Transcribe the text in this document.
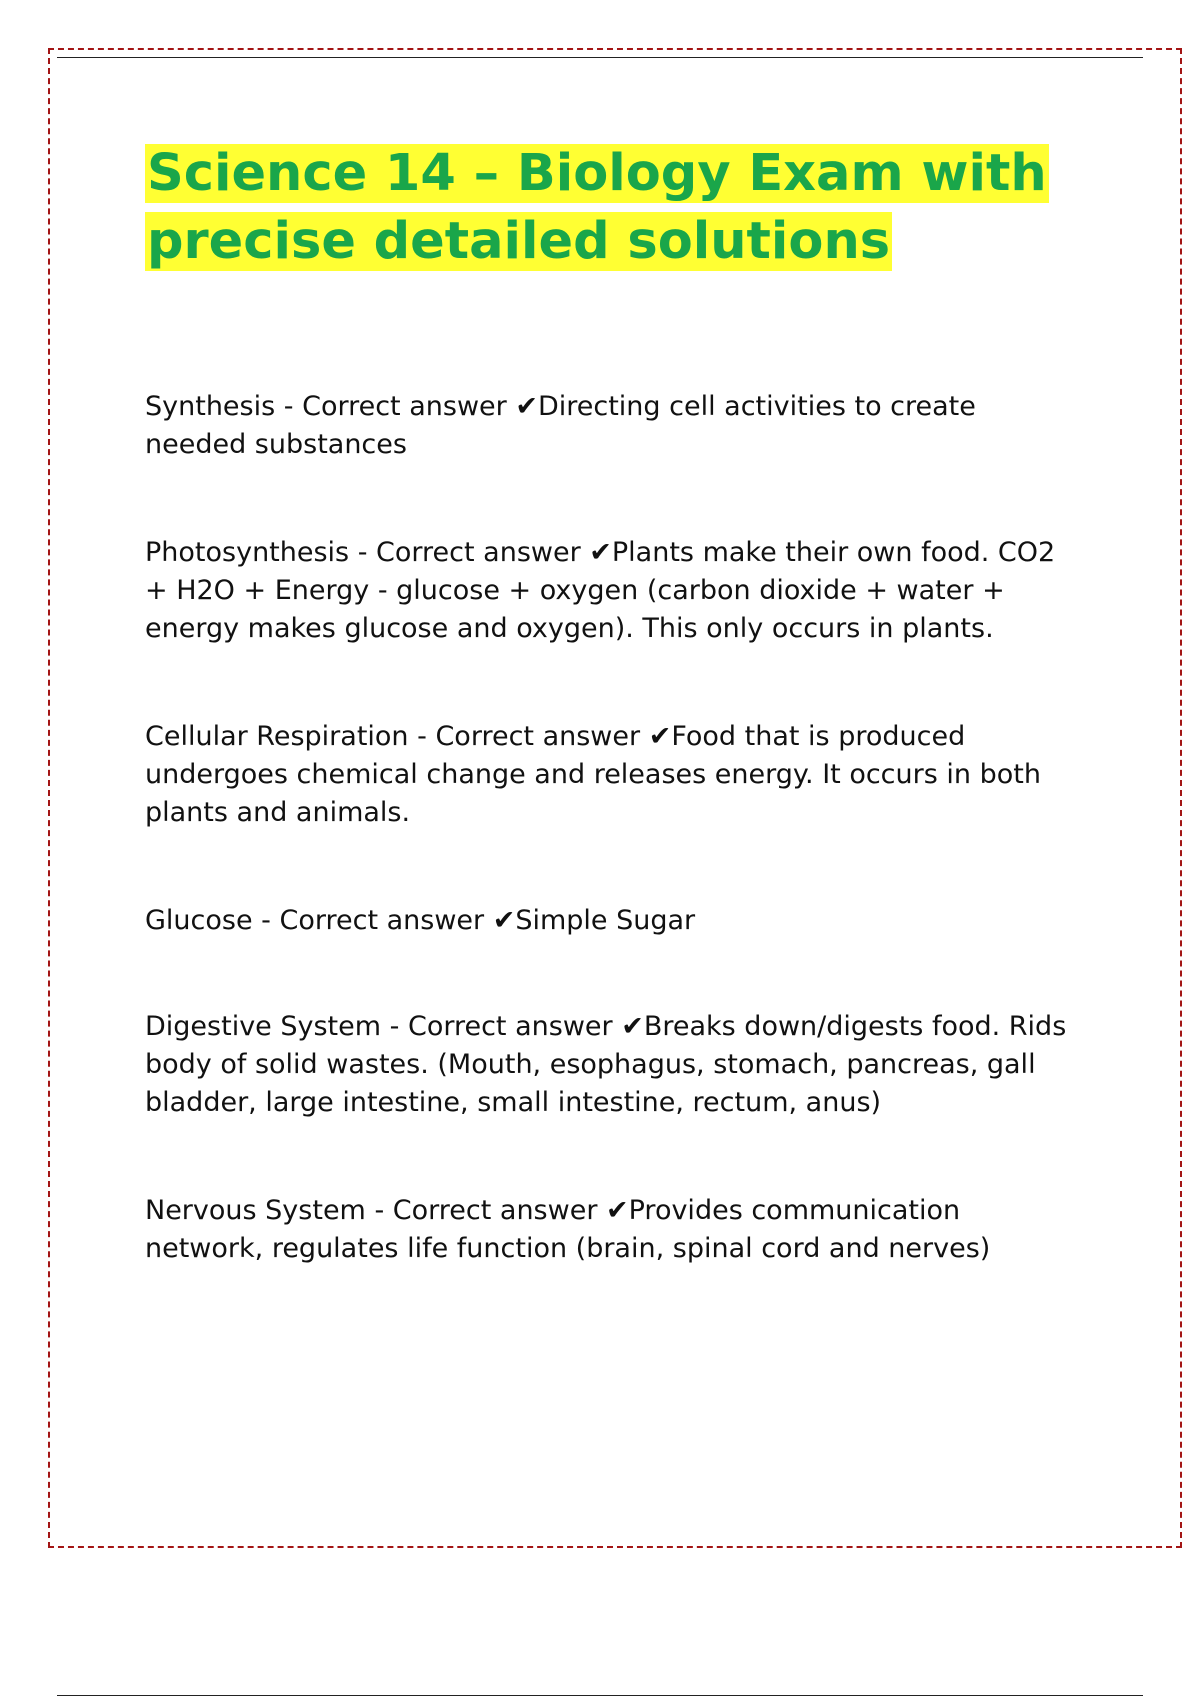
Science 14 – Biology Exam with precise detailed solutions

Synthesis - Correct answer ✔Directing cell activities to create needed substances

Photosynthesis - Correct answer ✔Plants make their own food. CO2 + H2O + Energy - glucose + oxygen (carbon dioxide + water + energy makes glucose and oxygen). This only occurs in plants.

Cellular Respiration - Correct answer ✔Food that is produced undergoes chemical change and releases energy. It occurs in both plants and animals.

Glucose - Correct answer ✔Simple Sugar

Digestive System - Correct answer ✔Breaks down/digests food. Rids body of solid wastes. (Mouth, esophagus, stomach, pancreas, gall bladder, large intestine, small intestine, rectum, anus)

Nervous System - Correct answer ✔Provides communication network, regulates life function (brain, spinal cord and nerves)
